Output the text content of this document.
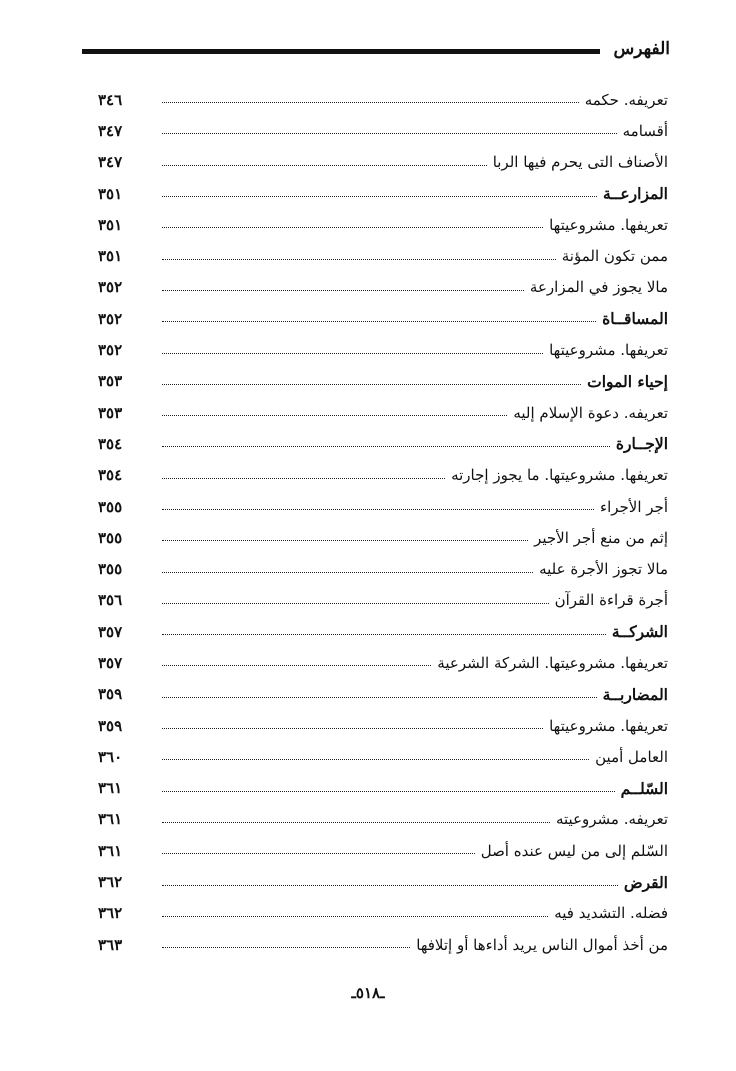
الفهرس
تعريفه. حكمه
٣٤٦
أقسامه
٣٤٧
الأصناف التى يحرم فيها الربا
٣٤٧
المزارعــة
٣٥١
تعريفها. مشروعيتها
٣٥١
ممن تكون المؤنة
٣٥١
مالا يجوز في المزارعة
٣٥٢
المساقــاة
٣٥٢
تعريفها. مشروعيتها
٣٥٢
إحياء الموات
٣٥٣
تعريفه. دعوة الإسلام إليه
٣٥٣
الإجــارة
٣٥٤
تعريفها. مشروعيتها. ما يجوز إجارته
٣٥٤
أجر الأجراء
٣٥٥
إثم من منع أجر الأجير
٣٥٥
مالا تجوز الأجرة عليه
٣٥٥
أجرة قراءة القرآن
٣٥٦
الشركــة
٣٥٧
تعريفها. مشروعيتها. الشركة الشرعية
٣٥٧
المضاربــة
٣٥٩
تعريفها. مشروعيتها
٣٥٩
العامل أمين
٣٦٠
السّلــم
٣٦١
تعريفه. مشروعيته
٣٦١
السّلم إلى من ليس عنده أصل
٣٦١
القرض
٣٦٢
فضله. التشديد فيه
٣٦٢
من أخذ أموال الناس يريد أداءها أو إتلافها
٣٦٣
ـ٥١٨ـ
